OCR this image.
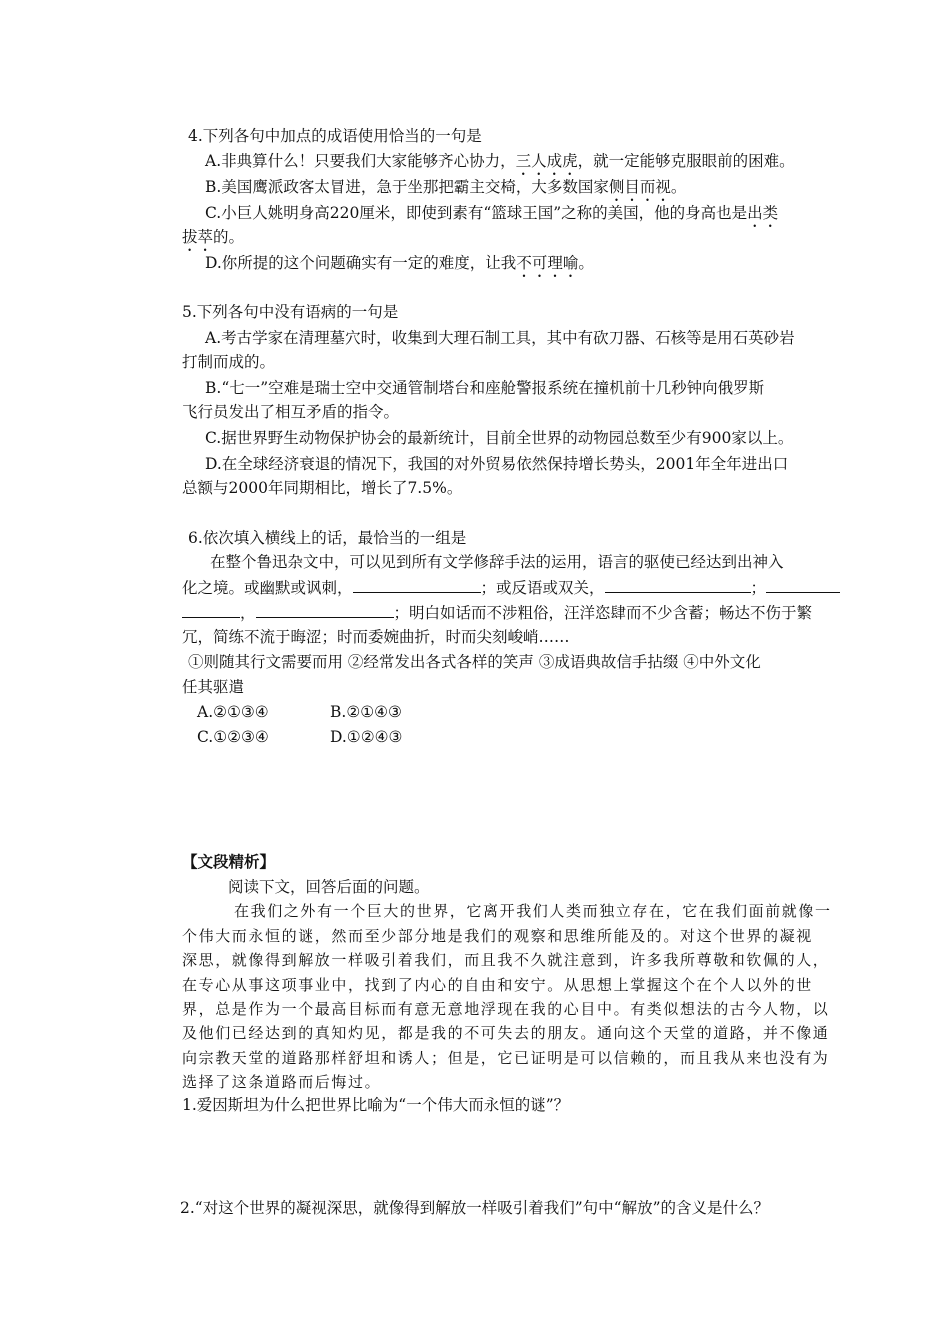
4.下列各句中加点的成语使用恰当的一句是
A.非典算什么！只要我们大家能够齐心协力，三人成虎，就一定能够克服眼前的困难。
B.美国鹰派政客太冒进，急于坐那把霸主交椅，大多数国家侧目而视。
C.小巨人姚明身高220厘米，即使到素有“篮球王国”之称的美国，他的身高也是出类
拔萃的。
D.你所提的这个问题确实有一定的难度，让我不可理喻。
5.下列各句中没有语病的一句是
A.考古学家在清理墓穴时，收集到大理石制工具，其中有砍刀器、石核等是用石英砂岩
打制而成的。
B.“七一”空难是瑞士空中交通管制塔台和座舱警报系统在撞机前十几秒钟向俄罗斯
飞行员发出了相互矛盾的指令。
C.据世界野生动物保护协会的最新统计，目前全世界的动物园总数至少有900家以上。
D.在全球经济衰退的情况下，我国的对外贸易依然保持增长势头，2001年全年进出口
总额与2000年同期相比，增长了7.5%。
6.依次填入横线上的话，最恰当的一组是
在整个鲁迅杂文中，可以见到所有文学修辞手法的运用，语言的驱使已经达到出神入
化之境。或幽默或讽刺，	；或反语或双关，	；
，	；明白如话而不涉粗俗，汪洋恣肆而不少含蓄；畅达不伤于繁
冗，简练不流于晦涩；时而委婉曲折，时而尖刻峻峭……
①则随其行文需要而用 ②经常发出各式各样的笑声 ③成语典故信手拈缀 ④中外文化
任其驱遣
A.②①③④	B.②①④③
C.①②③④	D.①②④③
【文段精析】
阅读下文，回答后面的问题。
在我们之外有一个巨大的世界，它离开我们人类而独立存在，它在我们面前就像一
个伟大而永恒的谜，然而至少部分地是我们的观察和思维所能及的。对这个世界的凝视
深思，就像得到解放一样吸引着我们，而且我不久就注意到，许多我所尊敬和钦佩的人，
在专心从事这项事业中，找到了内心的自由和安宁。从思想上掌握这个在个人以外的世
界，总是作为一个最高目标而有意无意地浮现在我的心目中。有类似想法的古今人物，以
及他们已经达到的真知灼见，都是我的不可失去的朋友。通向这个天堂的道路，并不像通
向宗教天堂的道路那样舒坦和诱人；但是，它已证明是可以信赖的，而且我从来也没有为
选择了这条道路而后悔过。
1.爱因斯坦为什么把世界比喻为“一个伟大而永恒的谜”？
2.“对这个世界的凝视深思，就像得到解放一样吸引着我们”句中“解放”的含义是什么？
